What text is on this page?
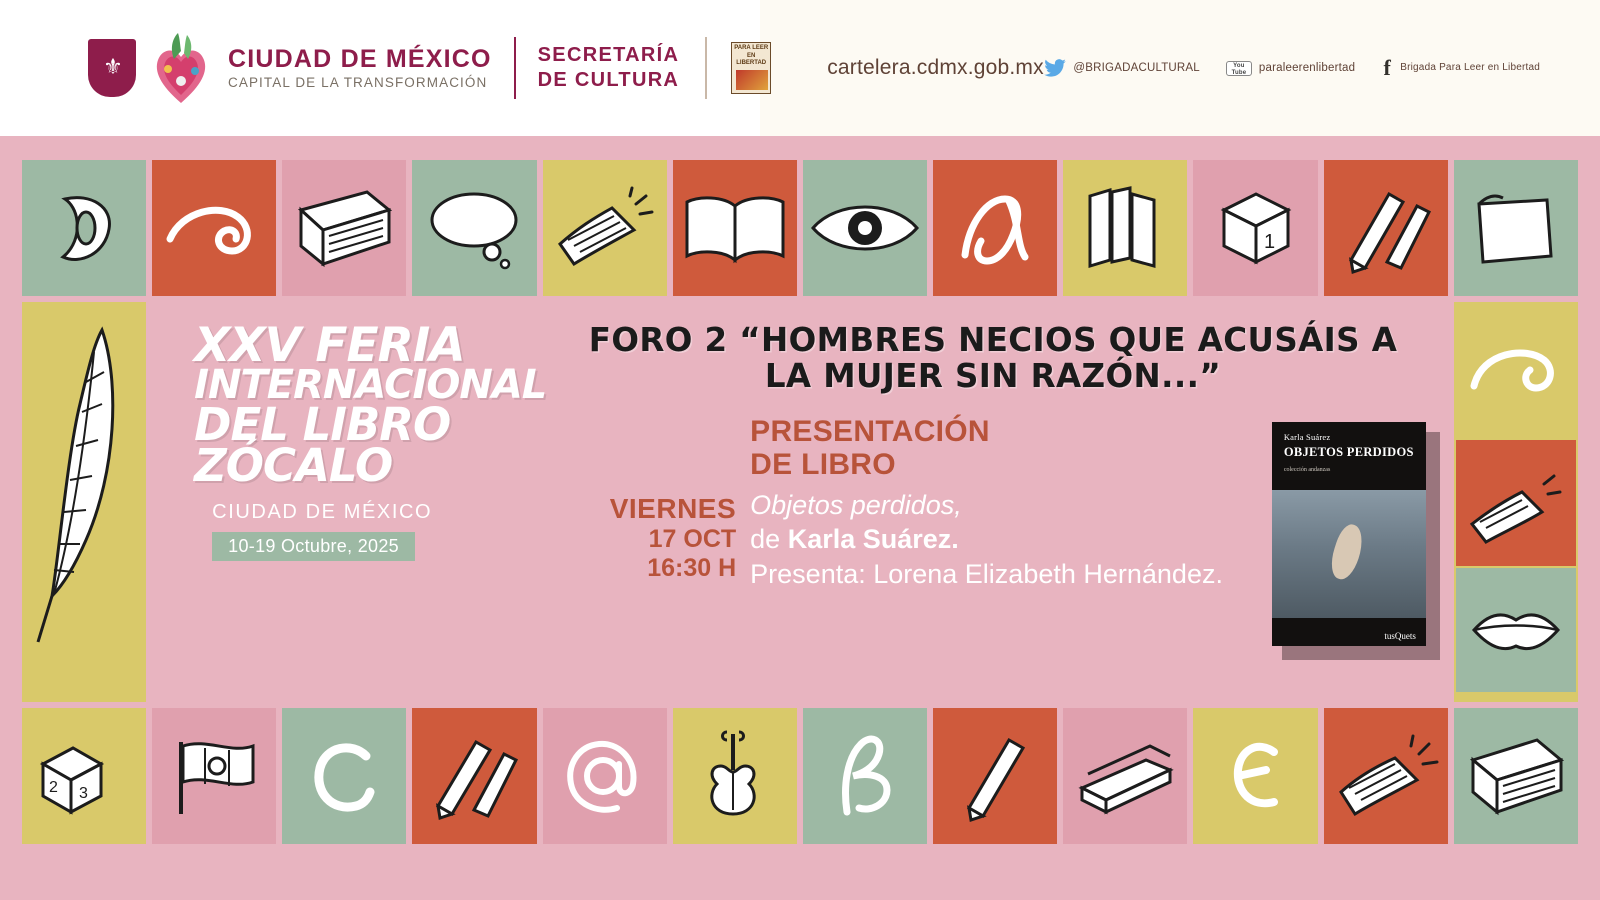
⚜	CIUDAD DE MÉXICO
CAPITAL DE LA TRANSFORMACIÓN
SECRETARÍA
DE CULTURA
PARA LEER EN LIBERTAD	cartelera.cdmx.gob.mx	@BRIGADACULTURAL	You
Tube	paraleerenlibertad f Brigada Para Leer en Libertad
1
XXV FERIA
INTERNACIONAL
DEL LIBRO
ZÓCALO
CIUDAD DE MÉXICO
10-19 Octubre, 2025
FORO 2 “HOMBRES NECIOS QUE ACUSÁIS A LA MUJER SIN RAZÓN...”
VIERNES
17 OCT
16:30 H
PRESENTACIÓN
DE LIBRO
Objetos perdidos,
de Karla Suárez.
Presenta: Lorena Elizabeth Hernández.
Karla Suárez
OBJETOS PERDIDOS
colección andanzas
tusQuets
2 3
